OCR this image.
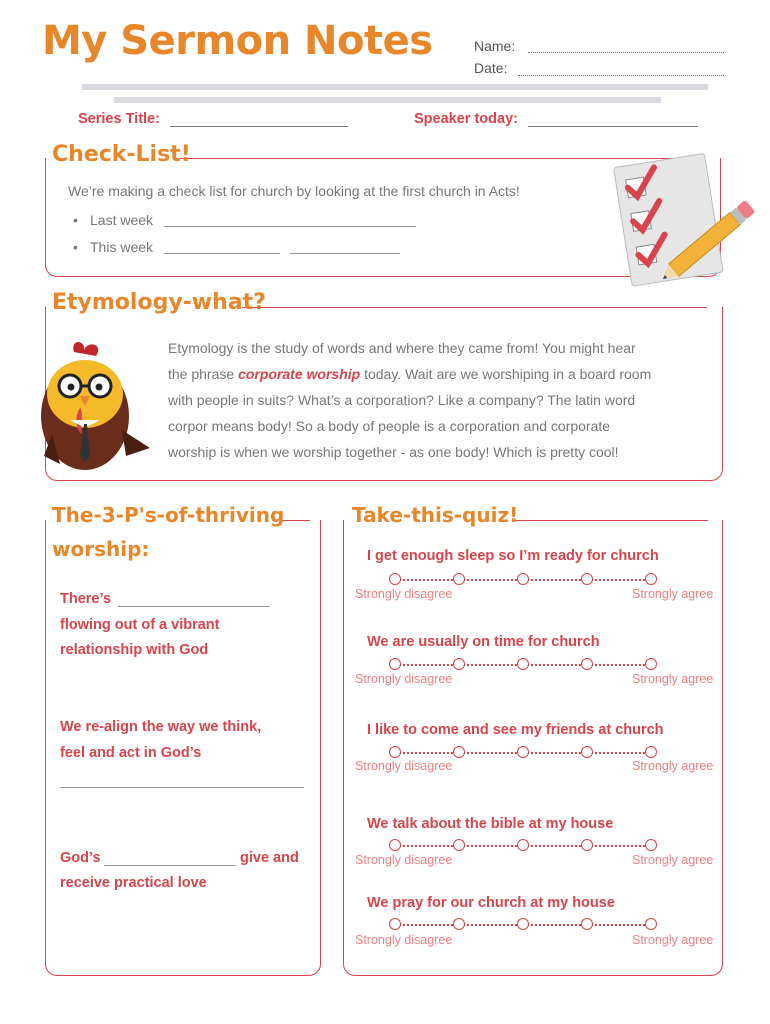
My Sermon Notes	Name:
Date:
Series Title:	Speaker today:
Check-List!
We’re making a check list for church by looking at the first church in Acts!
• Last week
• This week
Etymology-what?
Etymology is the study of words and where they came from! You might hear
the phrase corporate worship today. Wait are we worshiping in a board room
with people in suits? What’s a corporation? Like a company? The latin word
corpor means body! So a body of people is a corporation and corporate
worship is when we worship together - as one body! Which is pretty cool!
The-3-P's-of-thriving
worship:
There’s
flowing out of a vibrant
relationship with God
We re-align the way we think,
feel and act in God’s
God’s	give and
receive practical love
Take-this-quiz!
I get enough sleep so I’m ready for church
Strongly disagree	Strongly agree
We are usually on time for church
Strongly disagree	Strongly agree
I like to come and see my friends at church
Strongly disagree	Strongly agree
We talk about the bible at my house
Strongly disagree	Strongly agree
We pray for our church at my house
Strongly disagree	Strongly agree
